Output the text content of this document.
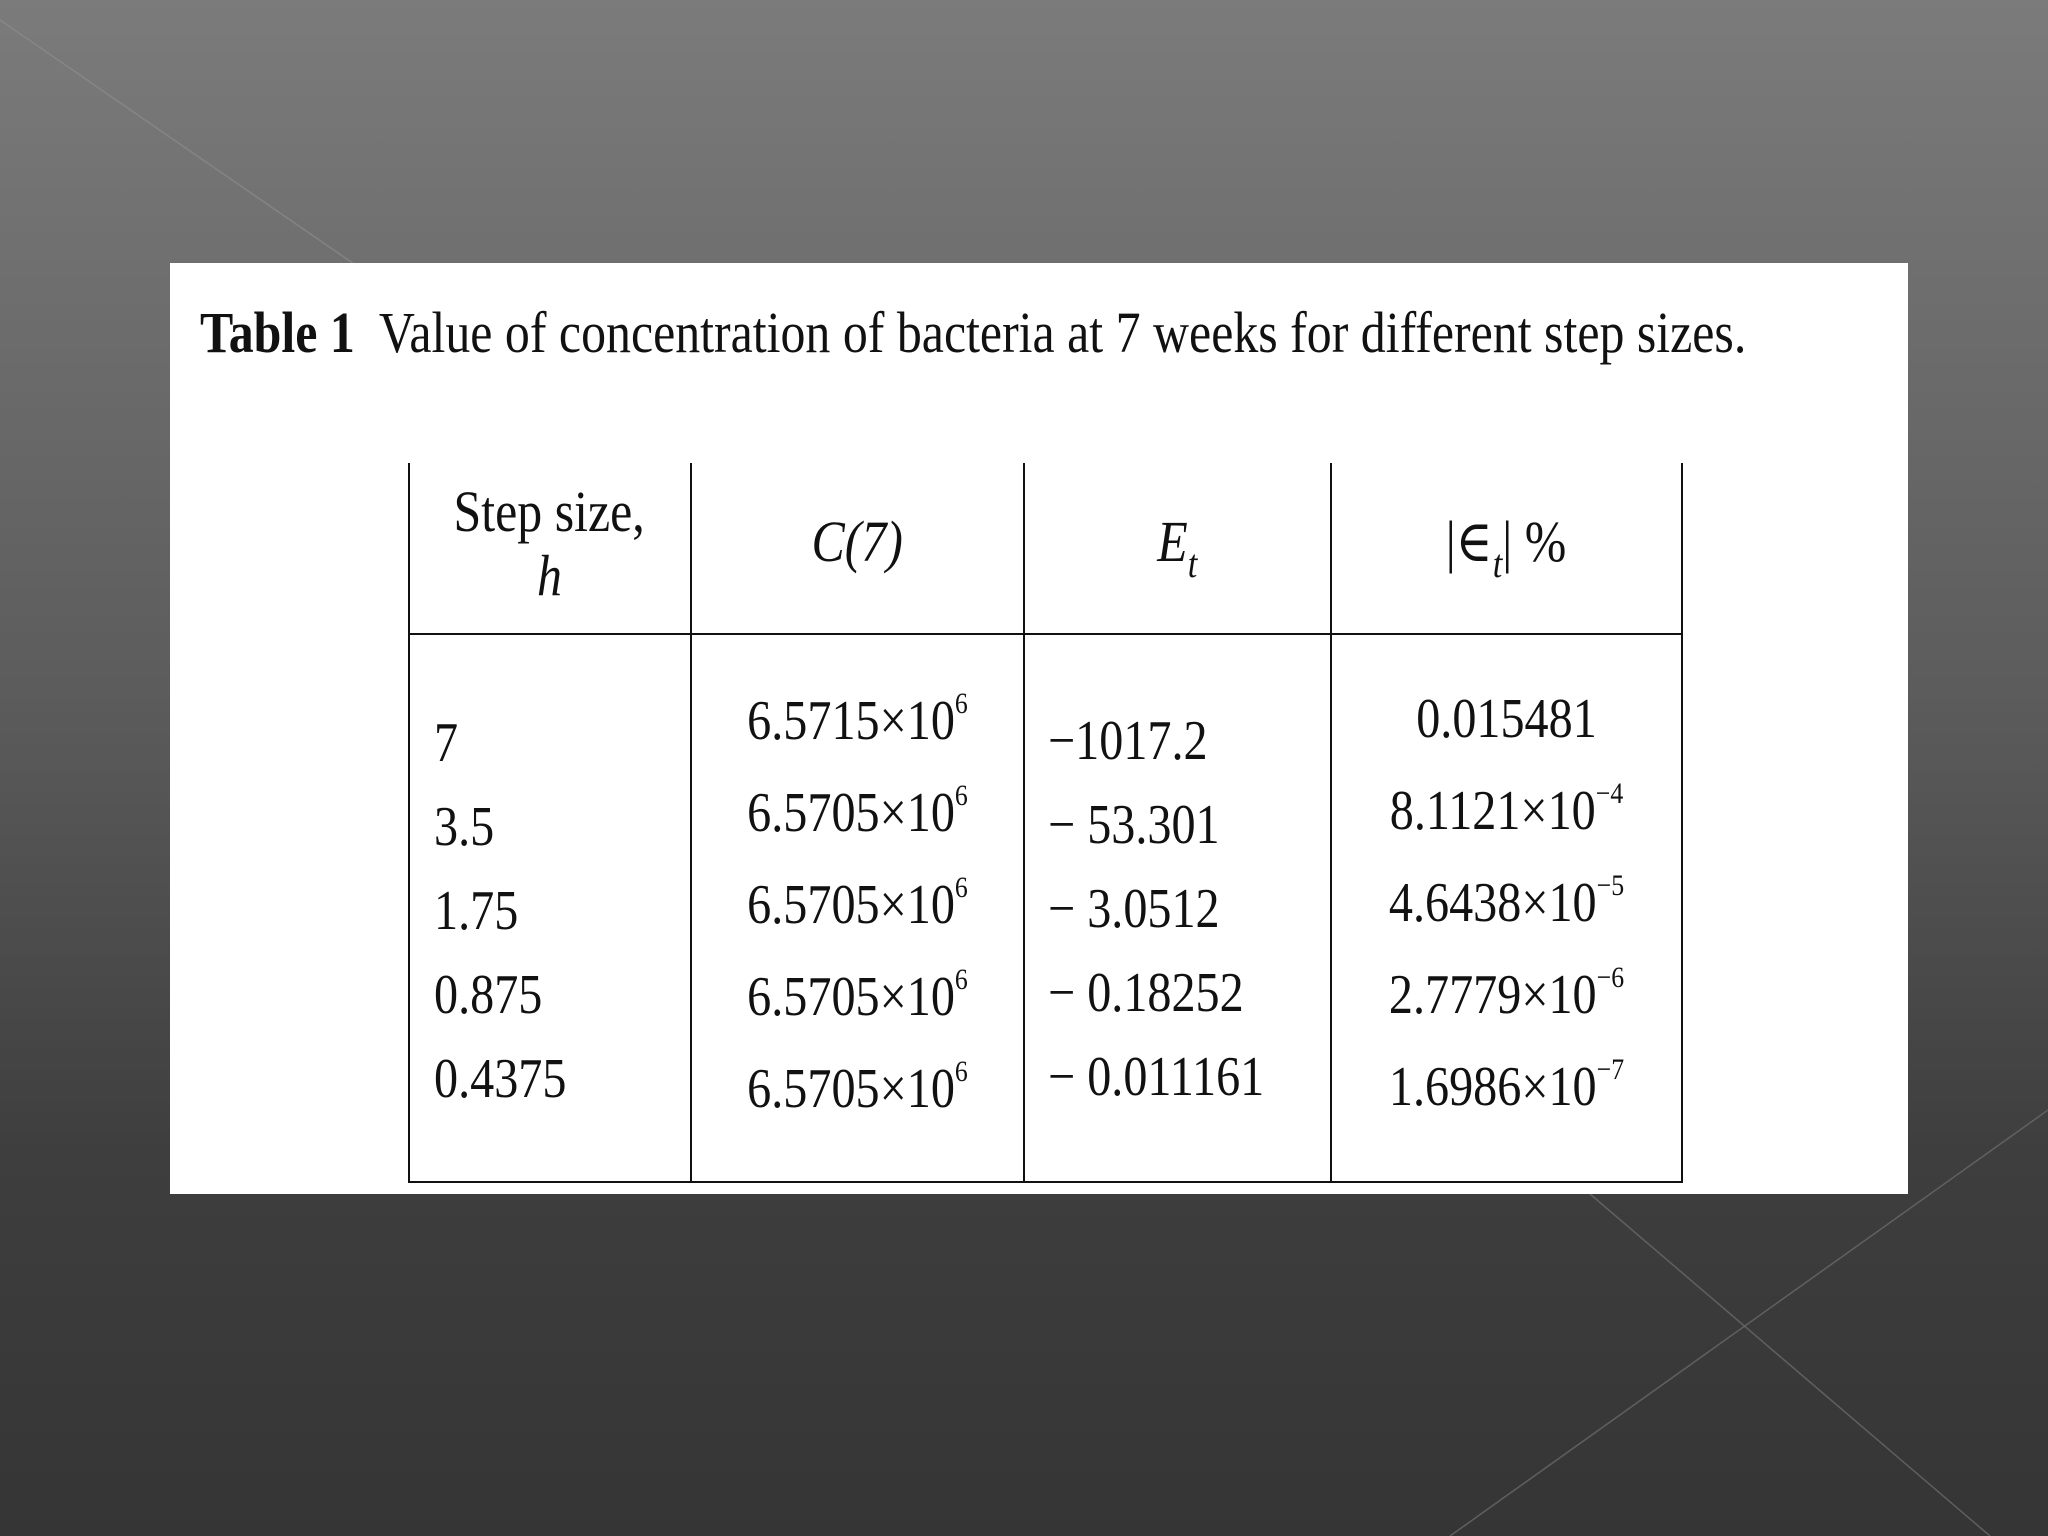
Table 1 Value of concentration of bacteria at 7 weeks for different step sizes.
Step size,
h
C(7)	$E_t$	$|\in_t|$ %
7
3.5
1.75
0.875
0.4375
$6.5715\times 10^6$
$6.5705\times 10^6$
$6.5705\times 10^6$
$6.5705\times 10^6$
$6.5705\times 10^6$
−1017.2
− 53.301
− 3.0512
− 0.18252
− 0.011161
0.015481
$8.1121\times 10^{-4}$
$4.6438\times 10^{-5}$
$2.7779\times 10^{-6}$
$1.6986\times 10^{-7}$
